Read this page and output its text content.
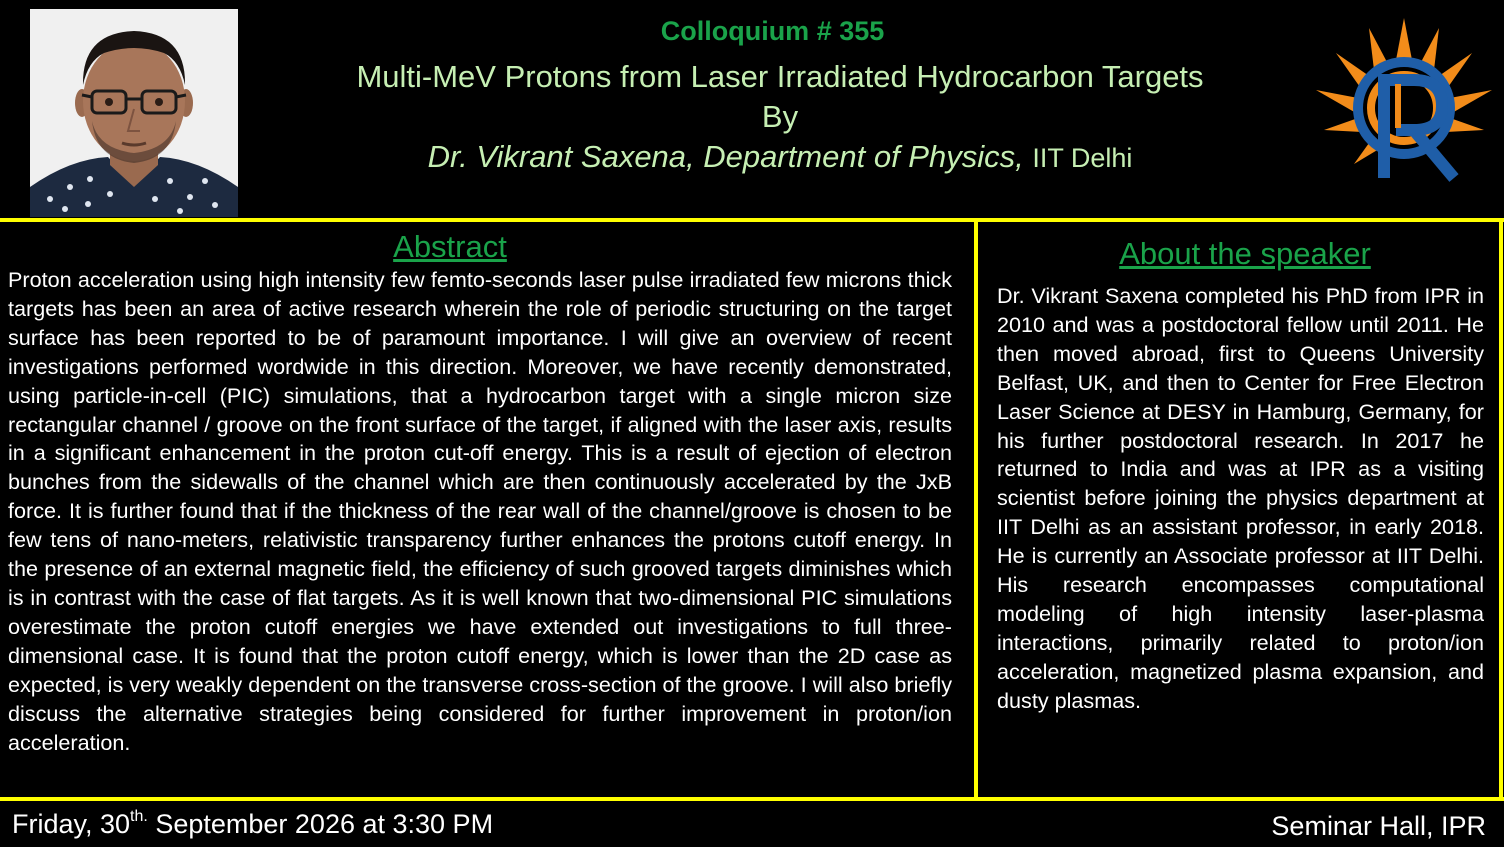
Colloquium # 355
Multi-MeV Protons from Laser Irradiated Hydrocarbon Targets
By
Dr. Vikrant Saxena, Department of Physics, IIT Delhi
Abstract
Proton acceleration using high intensity few femto-seconds laser pulse irradiated few microns thick targets has been an area of active research wherein the role of periodic structuring on the target surface has been reported to be of paramount importance. I will give an overview of recent investigations performed wordwide in this direction. Moreover, we have recently demonstrated, using particle-in-cell (PIC) simulations, that a hydrocarbon target with a single micron size rectangular channel / groove on the front surface of the target, if aligned with the laser axis, results in a significant enhancement in the proton cut-off energy. This is a result of ejection of electron bunches from the sidewalls of the channel which are then continuously accelerated by the JxB force. It is further found that if the thickness of the rear wall of the channel/groove is chosen to be few tens of nano-meters, relativistic transparency further enhances the protons cutoff energy. In the presence of an external magnetic field, the efficiency of such grooved targets diminishes which is in contrast with the case of flat targets. As it is well known that two-dimensional PIC simulations overestimate the proton cutoff energies we have extended out investigations to full three-dimensional case. It is found that the proton cutoff energy, which is lower than the 2D case as expected, is very weakly dependent on the transverse cross-section of the groove. I will also briefly discuss the alternative strategies being considered for further improvement in proton/ion acceleration.
About the speaker
Dr. Vikrant Saxena completed his PhD from IPR in 2010 and was a postdoctoral fellow until 2011. He then moved abroad, first to Queens University Belfast, UK, and then to Center for Free Electron Laser Science at DESY in Hamburg, Germany, for his further postdoctoral research. In 2017 he returned to India and was at IPR as a visiting scientist before joining the physics department at IIT Delhi as an assistant professor, in early 2018. He is currently an Associate professor at IIT Delhi. His research encompasses computational modeling of high intensity laser-plasma interactions, primarily related to proton/ion acceleration, magnetized plasma expansion, and dusty plasmas.
Friday, $30^{th.}$ September 2026 at 3:30 PM	Seminar Hall, IPR
